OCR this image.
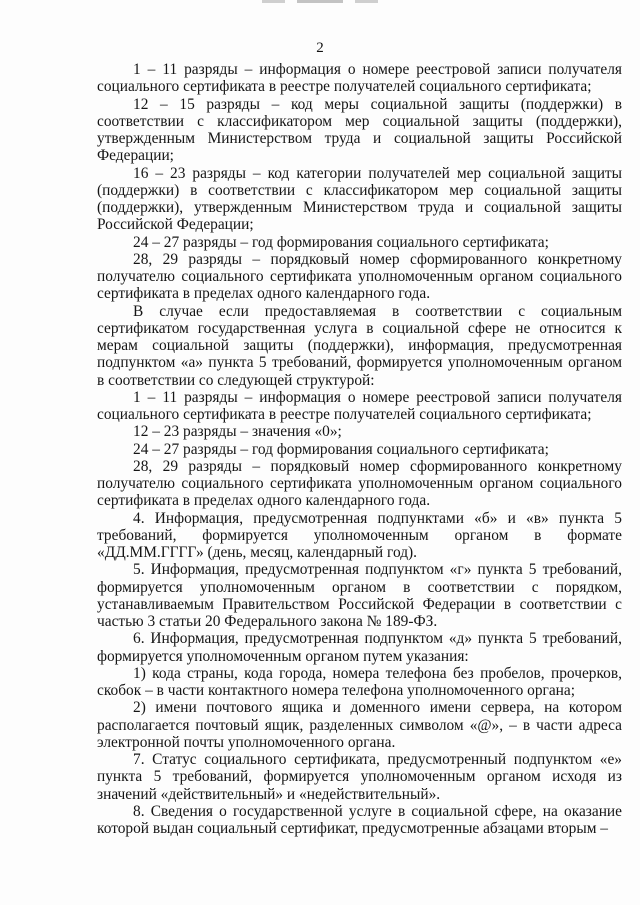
2

1 – 11 разряды – информация о номере реестровой записи получателя социального сертификата в реестре получателей социального сертификата;

12 – 15 разряды – код меры социальной защиты (поддержки) в соответствии с классификатором мер социальной защиты (поддержки), утвержденным Министерством труда и социальной защиты Российской Федерации;

16 – 23 разряды – код категории получателей мер социальной защиты (поддержки) в соответствии с классификатором мер социальной защиты (поддержки), утвержденным Министерством труда и социальной защиты Российской Федерации;

24 – 27 разряды – год формирования социального сертификата;

28, 29 разряды – порядковый номер сформированного конкретному получателю социального сертификата уполномоченным органом социального сертификата в пределах одного календарного года.

В случае если предоставляемая в соответствии с социальным сертификатом государственная услуга в социальной сфере не относится к мерам социальной защиты (поддержки), информация, предусмотренная подпунктом «а» пункта 5 требований, формируется уполномоченным органом в соответствии со следующей структурой:

1 – 11 разряды – информация о номере реестровой записи получателя социального сертификата в реестре получателей социального сертификата;

12 – 23 разряды – значения «0»;

24 – 27 разряды – год формирования социального сертификата;

28, 29 разряды – порядковый номер сформированного конкретному получателю социального сертификата уполномоченным органом социального сертификата в пределах одного календарного года.

4. Информация, предусмотренная подпунктами «б» и «в» пункта 5 требований, формируется уполномоченным органом в формате «ДД.ММ.ГГГГ» (день, месяц, календарный год).

5. Информация, предусмотренная подпунктом «г» пункта 5 требований, формируется уполномоченным органом в соответствии с порядком, устанавливаемым Правительством Российской Федерации в соответствии с частью 3 статьи 20 Федерального закона № 189-ФЗ.

6. Информация, предусмотренная подпунктом «д» пункта 5 требований, формируется уполномоченным органом путем указания:

1) кода страны, кода города, номера телефона без пробелов, прочерков, скобок – в части контактного номера телефона уполномоченного органа;

2) имени почтового ящика и доменного имени сервера, на котором располагается почтовый ящик, разделенных символом «@», – в части адреса электронной почты уполномоченного органа.

7. Статус социального сертификата, предусмотренный подпунктом «е» пункта 5 требований, формируется уполномоченным органом исходя из значений «действительный» и «недействительный».

8. Сведения о государственной услуге в социальной сфере, на оказание которой выдан социальный сертификат, предусмотренные абзацами вторым –
